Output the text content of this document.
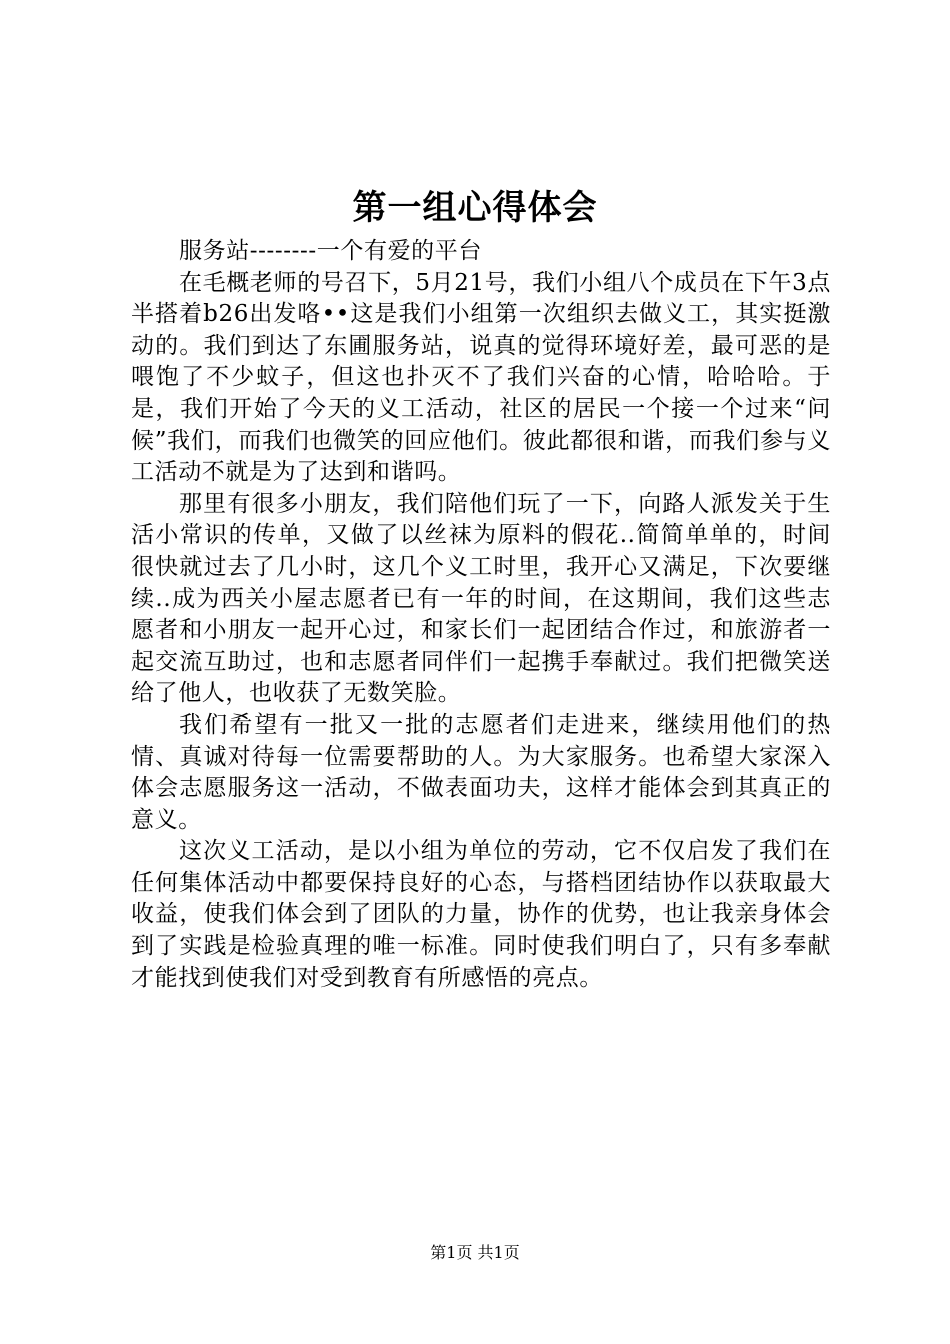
第一组心得体会

服务站--------一个有爱的平台

在毛概老师的号召下，5月21号，我们小组八个成员在下午3点半搭着b26出发咯••这是我们小组第一次组织去做义工，其实挺激动的。我们到达了东圃服务站，说真的觉得环境好差，最可恶的是喂饱了不少蚊子，但这也扑灭不了我们兴奋的心情，哈哈哈。于是，我们开始了今天的义工活动，社区的居民一个接一个过来“问候”我们，而我们也微笑的回应他们。彼此都很和谐，而我们参与义工活动不就是为了达到和谐吗。

那里有很多小朋友，我们陪他们玩了一下，向路人派发关于生活小常识的传单，又做了以丝袜为原料的假花..简简单单的，时间很快就过去了几小时，这几个义工时里，我开心又满足，下次要继续..成为西关小屋志愿者已有一年的时间，在这期间，我们这些志愿者和小朋友一起开心过，和家长们一起团结合作过，和旅游者一起交流互助过，也和志愿者同伴们一起携手奉献过。我们把微笑送给了他人，也收获了无数笑脸。

我们希望有一批又一批的志愿者们走进来，继续用他们的热情、真诚对待每一位需要帮助的人。为大家服务。也希望大家深入体会志愿服务这一活动，不做表面功夫，这样才能体会到其真正的意义。

这次义工活动，是以小组为单位的劳动，它不仅启发了我们在任何集体活动中都要保持良好的心态，与搭档团结协作以获取最大收益，使我们体会到了团队的力量，协作的优势，也让我亲身体会到了实践是检验真理的唯一标准。同时使我们明白了，只有多奉献才能找到使我们对受到教育有所感悟的亮点。

第1页 共1页
